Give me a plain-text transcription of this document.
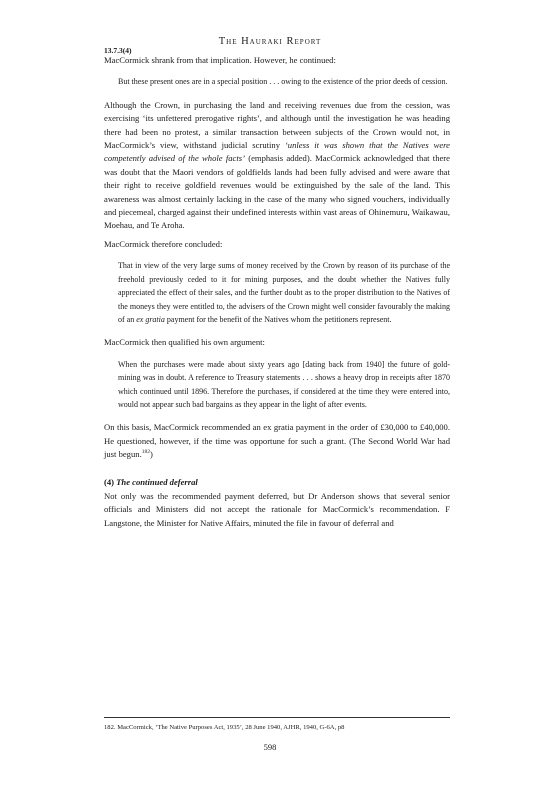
The Hauraki Report
13.7.3(4)

MacCormick shrank from that implication. However, he continued:

But these present ones are in a special position . . . owing to the existence of the prior deeds of cession.

Although the Crown, in purchasing the land and receiving revenues due from the cession, was exercising ‘its unfettered prerogative rights’, and although until the investigation he was heading there had been no protest, a similar transaction between subjects of the Crown would not, in MacCormick’s view, withstand judicial scrutiny ‘unless it was shown that the Natives were competently advised of the whole facts’ (emphasis added). MacCormick acknowledged that there was doubt that the Maori vendors of goldfields lands had been fully advised and were aware that their right to receive goldfield revenues would be extinguished by the sale of the land. This awareness was almost certainly lacking in the case of the many who signed vouchers, individually and piecemeal, charged against their undefined interests within vast areas of Ohinemuru, Waikawau, Moehau, and Te Aroha.

MacCormick therefore concluded:

That in view of the very large sums of money received by the Crown by reason of its purchase of the freehold previously ceded to it for mining purposes, and the doubt whether the Natives fully appreciated the effect of their sales, and the further doubt as to the proper distribution to the Natives of the moneys they were entitled to, the advisers of the Crown might well consider favourably the making of an ex gratia payment for the benefit of the Natives whom the petitioners represent.

MacCormick then qualified his own argument:

When the purchases were made about sixty years ago [dating back from 1940] the future of gold-mining was in doubt. A reference to Treasury statements . . . shows a heavy drop in receipts after 1870 which continued until 1896. Therefore the purchases, if considered at the time they were entered into, would not appear such bad bargains as they appear in the light of after events.

On this basis, MacCormick recommended an ex gratia payment in the order of £30,000 to £40,000. He questioned, however, if the time was opportune for such a grant. (The Second World War had just begun.$^{182}$)

(4) The continued deferral

Not only was the recommended payment deferred, but Dr Anderson shows that several senior officials and Ministers did not accept the rationale for MacCormick’s recommendation. F Langstone, the Minister for Native Affairs, minuted the file in favour of deferral and

182. MacCormick, ‘The Native Purposes Act, 1935’, 28 June 1940, AJHR, 1940, G-6A, p8
598
